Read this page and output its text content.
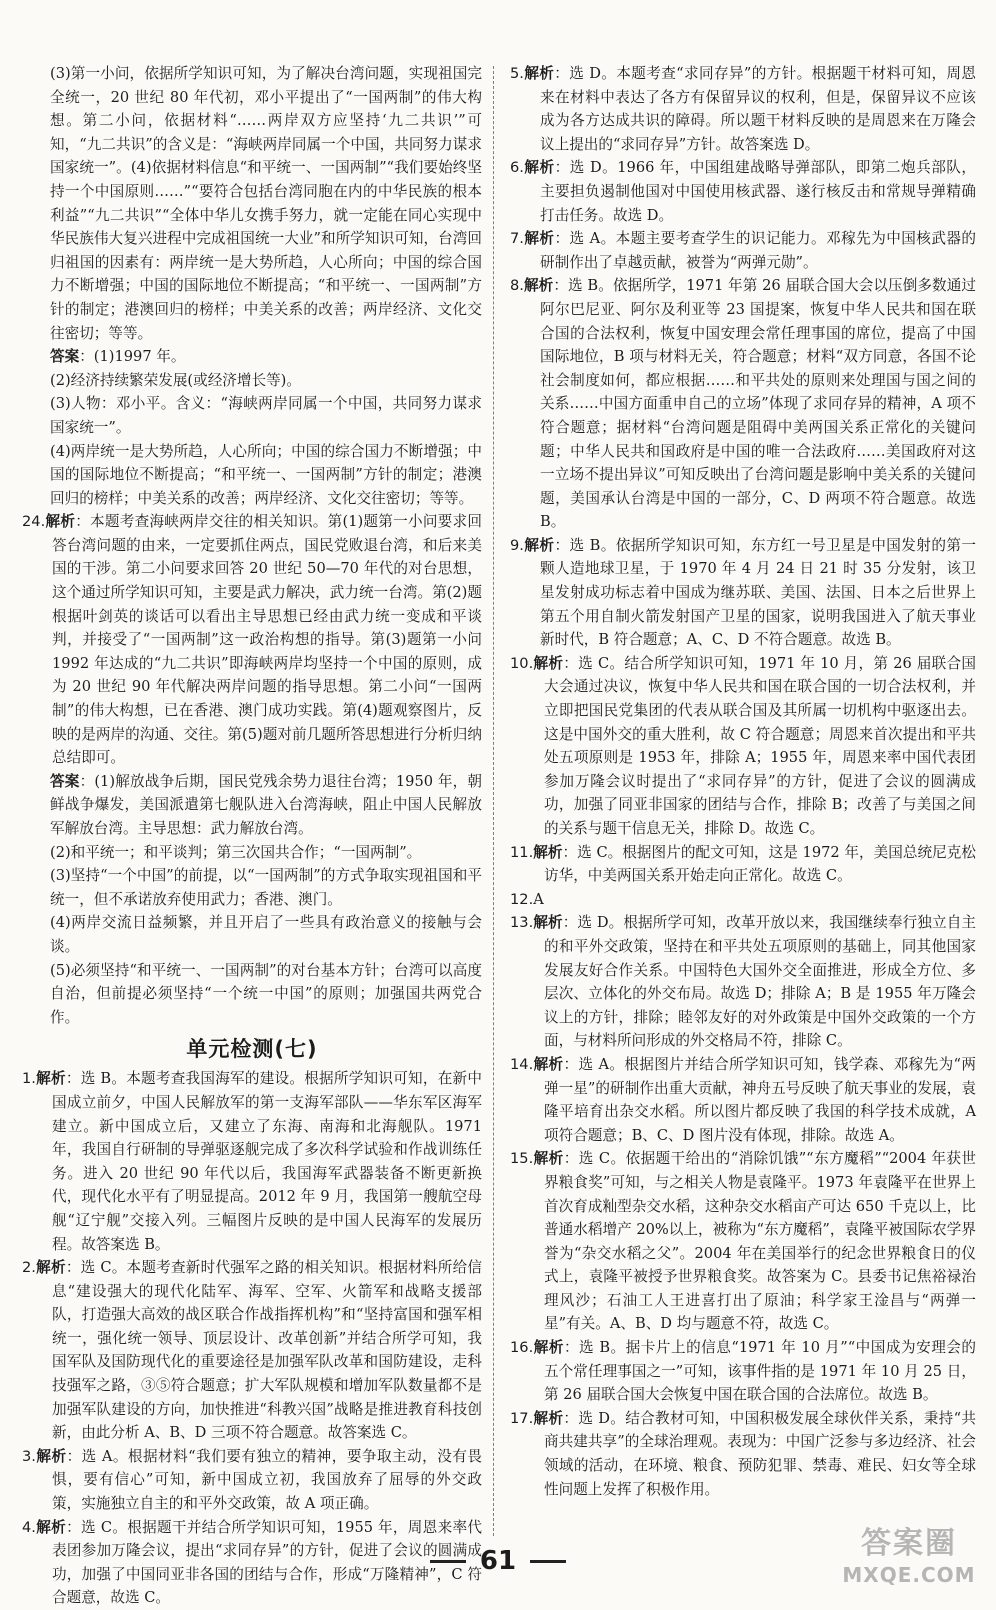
(3)第一小问，依据所学知识可知，为了解决台湾问题，实现祖国完全统一，20 世纪 80 年代初，邓小平提出了“一国两制”的伟大构想。第二小问，依据材料“……两岸双方应坚持‘九二共识’”可知，“九二共识”的含义是：“海峡两岸同属一个中国，共同努力谋求国家统一”。(4)依据材料信息“和平统一、一国两制”“我们要始终坚持一个中国原则……”“要符合包括台湾同胞在内的中华民族的根本利益”“九二共识”“全体中华儿女携手努力，就一定能在同心实现中华民族伟大复兴进程中完成祖国统一大业”和所学知识可知，台湾回归祖国的因素有：两岸统一是大势所趋，人心所向；中国的综合国力不断增强；中国的国际地位不断提高；“和平统一、一国两制”方针的制定；港澳回归的榜样；中美关系的改善；两岸经济、文化交往密切；等等。

答案：(1)1997 年。

(2)经济持续繁荣发展(或经济增长等)。

(3)人物：邓小平。含义：“海峡两岸同属一个中国，共同努力谋求国家统一”。

(4)两岸统一是大势所趋，人心所向；中国的综合国力不断增强；中国的国际地位不断提高；“和平统一、一国两制”方针的制定；港澳回归的榜样；中美关系的改善；两岸经济、文化交往密切；等等。

24.解析：本题考查海峡两岸交往的相关知识。第(1)题第一小问要求回答台湾问题的由来，一定要抓住两点，国民党败退台湾，和后来美国的干涉。第二小问要求回答 20 世纪 50—70 年代的对台思想，这个通过所学知识可知，主要是武力解决，武力统一台湾。第(2)题根据叶剑英的谈话可以看出主导思想已经由武力统一变成和平谈判，并接受了“一国两制”这一政治构想的指导。第(3)题第一小问 1992 年达成的“九二共识”即海峡两岸均坚持一个中国的原则，成为 20 世纪 90 年代解决两岸问题的指导思想。第二小问“一国两制”的伟大构想，已在香港、澳门成功实践。第(4)题观察图片，反映的是两岸的沟通、交往。第(5)题对前几题所答思想进行分析归纳总结即可。

答案：(1)解放战争后期，国民党残余势力退往台湾；1950 年，朝鲜战争爆发，美国派遣第七舰队进入台湾海峡，阻止中国人民解放军解放台湾。主导思想：武力解放台湾。

(2)和平统一；和平谈判；第三次国共合作；“一国两制”。

(3)坚持“一个中国”的前提，以“一国两制”的方式争取实现祖国和平统一，但不承诺放弃使用武力；香港、澳门。

(4)两岸交流日益频繁，并且开启了一些具有政治意义的接触与会谈。

(5)必须坚持“和平统一、一国两制”的对台基本方针；台湾可以高度自治，但前提必须坚持“一个统一中国”的原则；加强国共两党合作。

单元检测(七)

1.解析：选 B。本题考查我国海军的建设。根据所学知识可知，在新中国成立前夕，中国人民解放军的第一支海军部队——华东军区海军建立。新中国成立后，又建立了东海、南海和北海舰队。1971 年，我国自行研制的导弹驱逐舰完成了多次科学试验和作战训练任务。进入 20 世纪 90 年代以后，我国海军武器装备不断更新换代，现代化水平有了明显提高。2012 年 9 月，我国第一艘航空母舰“辽宁舰”交接入列。三幅图片反映的是中国人民海军的发展历程。故答案选 B。

2.解析：选 C。本题考查新时代强军之路的相关知识。根据材料所给信息“建设强大的现代化陆军、海军、空军、火箭军和战略支援部队，打造强大高效的战区联合作战指挥机构”和“坚持富国和强军相统一，强化统一领导、顶层设计、改革创新”并结合所学可知，我国军队及国防现代化的重要途径是加强军队改革和国防建设，走科技强军之路，③⑤符合题意；扩大军队规模和增加军队数量都不是加强军队建设的方向，加快推进“科教兴国”战略是推进教育科技创新，由此分析 A、B、D 三项不符合题意。故答案选 C。

3.解析：选 A。根据材料“我们要有独立的精神，要争取主动，没有畏惧，要有信心”可知，新中国成立初，我国放弃了屈辱的外交政策，实施独立自主的和平外交政策，故 A 项正确。

4.解析：选 C。根据题干并结合所学知识可知，1955 年，周恩来率代表团参加万隆会议，提出“求同存异”的方针，促进了会议的圆满成功，加强了中国同亚非各国的团结与合作，形成“万隆精神”，C 符合题意，故选 C。

5.解析：选 D。本题考查“求同存异”的方针。根据题干材料可知，周恩来在材料中表达了各方有保留异议的权利，但是，保留异议不应该成为各方达成共识的障碍。所以题干材料反映的是周恩来在万隆会议上提出的“求同存异”方针。故答案选 D。

6.解析：选 D。1966 年，中国组建战略导弹部队，即第二炮兵部队，主要担负遏制他国对中国使用核武器、遂行核反击和常规导弹精确打击任务。故选 D。

7.解析：选 A。本题主要考查学生的识记能力。邓稼先为中国核武器的研制作出了卓越贡献，被誉为“两弹元勋”。

8.解析：选 B。依据所学，1971 年第 26 届联合国大会以压倒多数通过阿尔巴尼亚、阿尔及利亚等 23 国提案，恢复中华人民共和国在联合国的合法权利，恢复中国安理会常任理事国的席位，提高了中国国际地位，B 项与材料无关，符合题意；材料“双方同意，各国不论社会制度如何，都应根据……和平共处的原则来处理国与国之间的关系……中国方面重申自己的立场”体现了求同存异的精神，A 项不符合题意；据材料“台湾问题是阻碍中美两国关系正常化的关键问题；中华人民共和国政府是中国的唯一合法政府……美国政府对这一立场不提出异议”可知反映出了台湾问题是影响中美关系的关键问题，美国承认台湾是中国的一部分，C、D 两项不符合题意。故选 B。

9.解析：选 B。依据所学知识可知，东方红一号卫星是中国发射的第一颗人造地球卫星，于 1970 年 4 月 24 日 21 时 35 分发射，该卫星发射成功标志着中国成为继苏联、美国、法国、日本之后世界上第五个用自制火箭发射国产卫星的国家，说明我国进入了航天事业新时代，B 符合题意；A、C、D 不符合题意。故选 B。

10.解析：选 C。结合所学知识可知，1971 年 10 月，第 26 届联合国大会通过决议，恢复中华人民共和国在联合国的一切合法权利，并立即把国民党集团的代表从联合国及其所属一切机构中驱逐出去。这是中国外交的重大胜利，故 C 符合题意；周恩来首次提出和平共处五项原则是 1953 年，排除 A；1955 年，周恩来率中国代表团参加万隆会议时提出了“求同存异”的方针，促进了会议的圆满成功，加强了同亚非国家的团结与合作，排除 B；改善了与美国之间的关系与题干信息无关，排除 D。故选 C。

11.解析：选 C。根据图片的配文可知，这是 1972 年，美国总统尼克松访华，中美两国关系开始走向正常化。故选 C。

12.A

13.解析：选 D。根据所学可知，改革开放以来，我国继续奉行独立自主的和平外交政策，坚持在和平共处五项原则的基础上，同其他国家发展友好合作关系。中国特色大国外交全面推进，形成全方位、多层次、立体化的外交布局。故选 D；排除 A；B 是 1955 年万隆会议上的方针，排除；睦邻友好的对外政策是中国外交政策的一个方面，与材料所问形成的外交格局不符，排除 C。

14.解析：选 A。根据图片并结合所学知识可知，钱学森、邓稼先为“两弹一星”的研制作出重大贡献，神舟五号反映了航天事业的发展，袁隆平培育出杂交水稻。所以图片都反映了我国的科学技术成就，A 项符合题意；B、C、D 图片没有体现，排除。故选 A。

15.解析：选 C。依据题干给出的“消除饥饿”“东方魔稻”“2004 年获世界粮食奖”可知，与之相关人物是袁隆平。1973 年袁隆平在世界上首次育成籼型杂交水稻，这种杂交水稻亩产可达 650 千克以上，比普通水稻增产 20%以上，被称为“东方魔稻”，袁隆平被国际农学界誉为“杂交水稻之父”。2004 年在美国举行的纪念世界粮食日的仪式上，袁隆平被授予世界粮食奖。故答案为 C。县委书记焦裕禄治理风沙；石油工人王进喜打出了原油；科学家王淦昌与“两弹一星”有关。A、B、D 均与题意不符，故选 C。

16.解析：选 B。据卡片上的信息“1971 年 10 月”“中国成为安理会的五个常任理事国之一”可知，该事件指的是 1971 年 10 月 25 日，第 26 届联合国大会恢复中国在联合国的合法席位。故选 B。

17.解析：选 D。结合教材可知，中国积极发展全球伙伴关系，秉持“共商共建共享”的全球治理观。表现为：中国广泛参与多边经济、社会领域的活动，在环境、粮食、预防犯罪、禁毒、难民、妇女等全球性问题上发挥了积极作用。

61	答案圈
MXQE.COM
